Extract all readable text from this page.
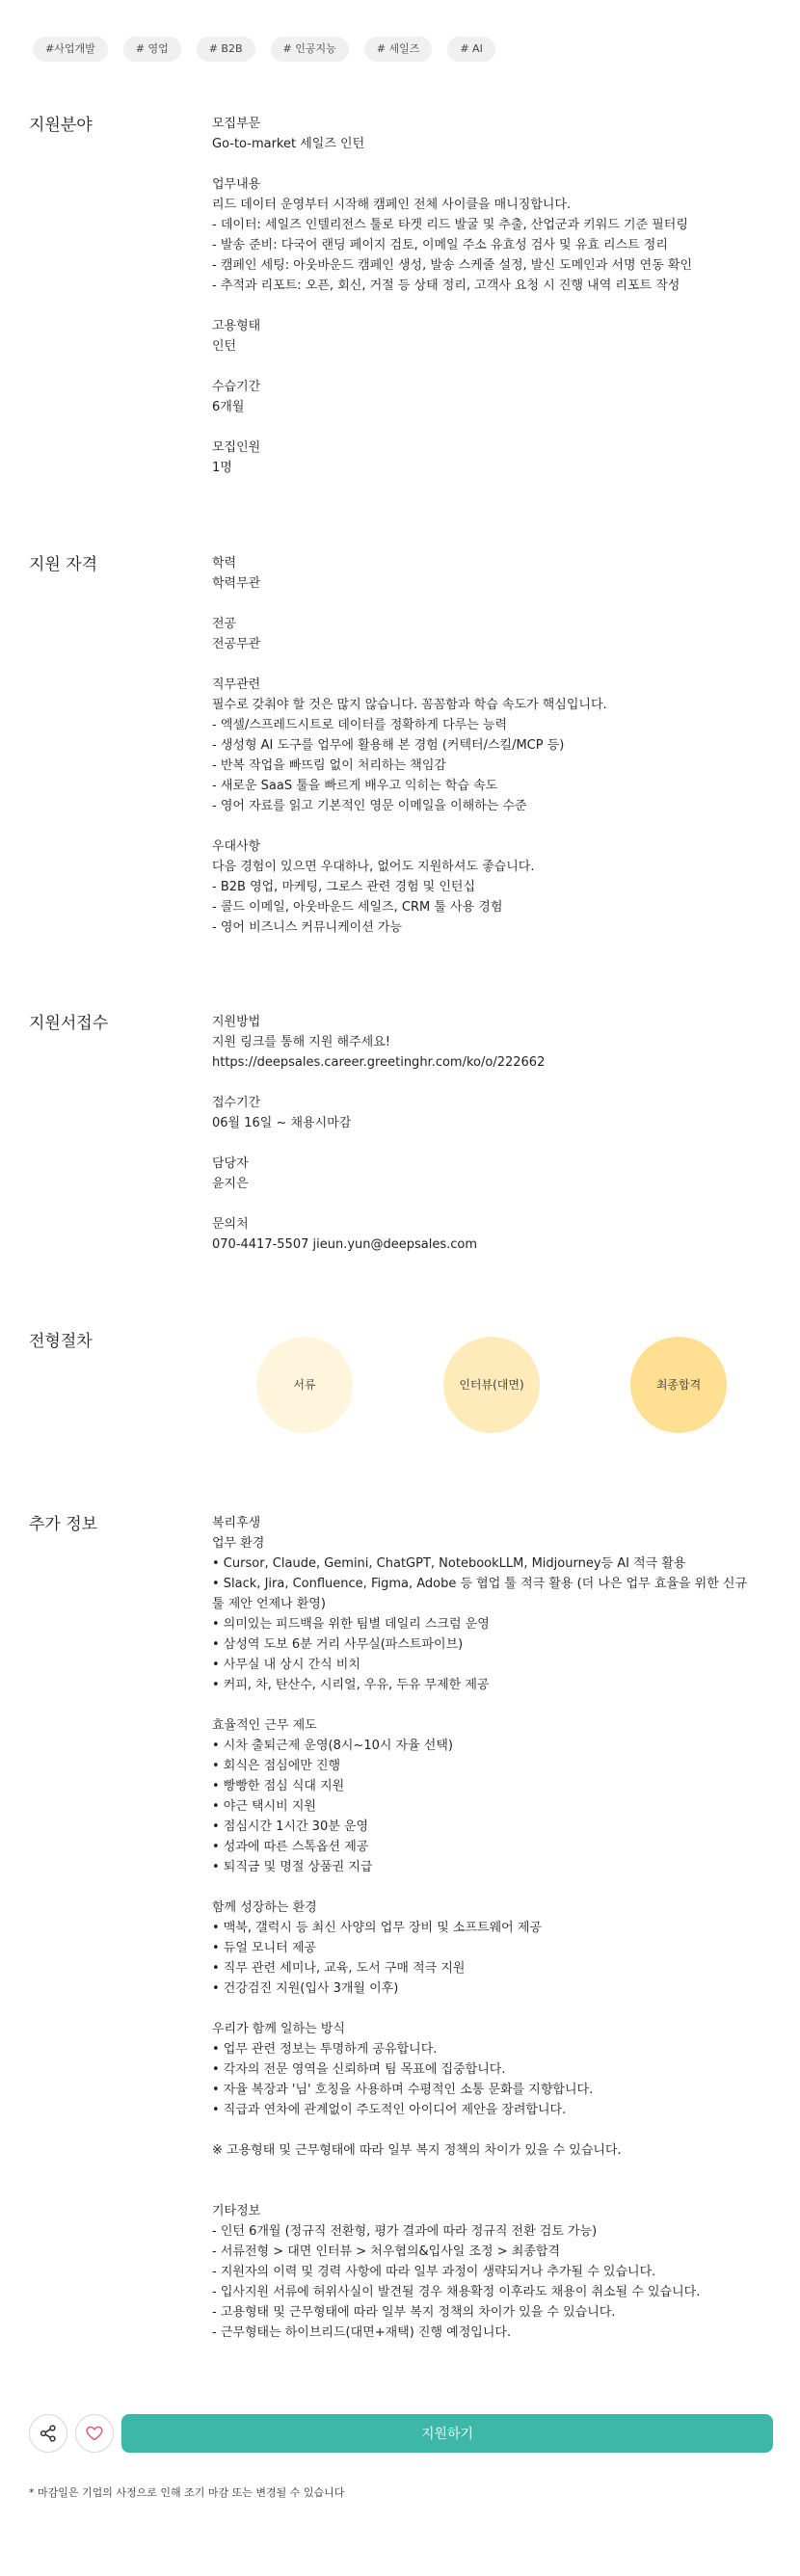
#사업개발	# 영업	# B2B	# 인공지능	# 세일즈	# AI
지원분야	모집부문
Go-to-market 세일즈 인턴
업무내용
리드 데이터 운영부터 시작해 캠페인 전체 사이클을 매니징합니다.
- 데이터: 세일즈 인텔리전스 툴로 타겟 리드 발굴 및 추출, 산업군과 키워드 기준 필터링
- 발송 준비: 다국어 랜딩 페이지 검토, 이메일 주소 유효성 검사 및 유효 리스트 정리
- 캠페인 세팅: 아웃바운드 캠페인 생성, 발송 스케줄 설정, 발신 도메인과 서명 연동 확인
- 추적과 리포트: 오픈, 회신, 거절 등 상태 정리, 고객사 요청 시 진행 내역 리포트 작성
고용형태
인턴
수습기간
6개월
모집인원
1명
지원 자격	학력
학력무관
전공
전공무관
직무관련
필수로 갖춰야 할 것은 많지 않습니다. 꼼꼼함과 학습 속도가 핵심입니다.
- 엑셀/스프레드시트로 데이터를 정확하게 다루는 능력
- 생성형 AI 도구를 업무에 활용해 본 경험 (커텍터/스킬/MCP 등)
- 반복 작업을 빠뜨림 없이 처리하는 책임감
- 새로운 SaaS 툴을 빠르게 배우고 익히는 학습 속도
- 영어 자료를 읽고 기본적인 영문 이메일을 이해하는 수준
우대사항
다음 경험이 있으면 우대하나, 없어도 지원하셔도 좋습니다.
- B2B 영업, 마케팅, 그로스 관련 경험 및 인턴십
- 콜드 이메일, 아웃바운드 세일즈, CRM 툴 사용 경험
- 영어 비즈니스 커뮤니케이션 가능
지원서접수	지원방법
지원 링크를 통해 지원 해주세요!
https://deepsales.career.greetinghr.com/ko/o/222662
접수기간
06월 16일 ~ 채용시마감
담당자
윤지은
문의처
070-4417-5507 jieun.yun@deepsales.com
전형절차
서류	인터뷰(대면)	최종합격
추가 정보	복리후생
업무 환경
• Cursor, Claude, Gemini, ChatGPT, NotebookLLM, Midjourney등 AI 적극 활용
• Slack, Jira, Confluence, Figma, Adobe 등 협업 툴 적극 활용 (더 나은 업무 효율을 위한 신규
툴 제안 언제나 환영)
• 의미있는 피드백을 위한 팀별 데일리 스크럼 운영
• 삼성역 도보 6분 거리 사무실(파스트파이브)
• 사무실 내 상시 간식 비치
• 커피, 차, 탄산수, 시리얼, 우유, 두유 무제한 제공
효율적인 근무 제도
• 시차 출퇴근제 운영(8시~10시 자율 선택)
• 회식은 점심에만 진행
• 빵빵한 점심 식대 지원
• 야근 택시비 지원
• 점심시간 1시간 30분 운영
• 성과에 따른 스톡옵션 제공
• 퇴직금 및 명절 상품권 지급
함께 성장하는 환경
• 맥북, 갤럭시 등 최신 사양의 업무 장비 및 소프트웨어 제공
• 듀얼 모니터 제공
• 직무 관련 세미나, 교육, 도서 구매 적극 지원
• 건강검진 지원(입사 3개월 이후)
우리가 함께 일하는 방식
• 업무 관련 정보는 투명하게 공유합니다.
• 각자의 전문 영역을 신뢰하며 팀 목표에 집중합니다.
• 자율 복장과 '님' 호칭을 사용하며 수평적인 소통 문화를 지향합니다.
• 직급과 연차에 관계없이 주도적인 아이디어 제안을 장려합니다.
※ 고용형태 및 근무형태에 따라 일부 복지 정책의 차이가 있을 수 있습니다.
기타정보
- 인턴 6개월 (정규직 전환형, 평가 결과에 따라 정규직 전환 검토 가능)
- 서류전형 > 대면 인터뷰 > 처우협의&입사일 조정 > 최종합격
- 지원자의 이력 및 경력 사항에 따라 일부 과정이 생략되거나 추가될 수 있습니다.
- 입사지원 서류에 허위사실이 발견될 경우 채용확정 이후라도 채용이 취소될 수 있습니다.
- 고용형태 및 근무형태에 따라 일부 복지 정책의 차이가 있을 수 있습니다.
- 근무형태는 하이브리드(대면+재택) 진행 예정입니다.
지원하기
* 마감일은 기업의 사정으로 인해 조기 마감 또는 변경될 수 있습니다
